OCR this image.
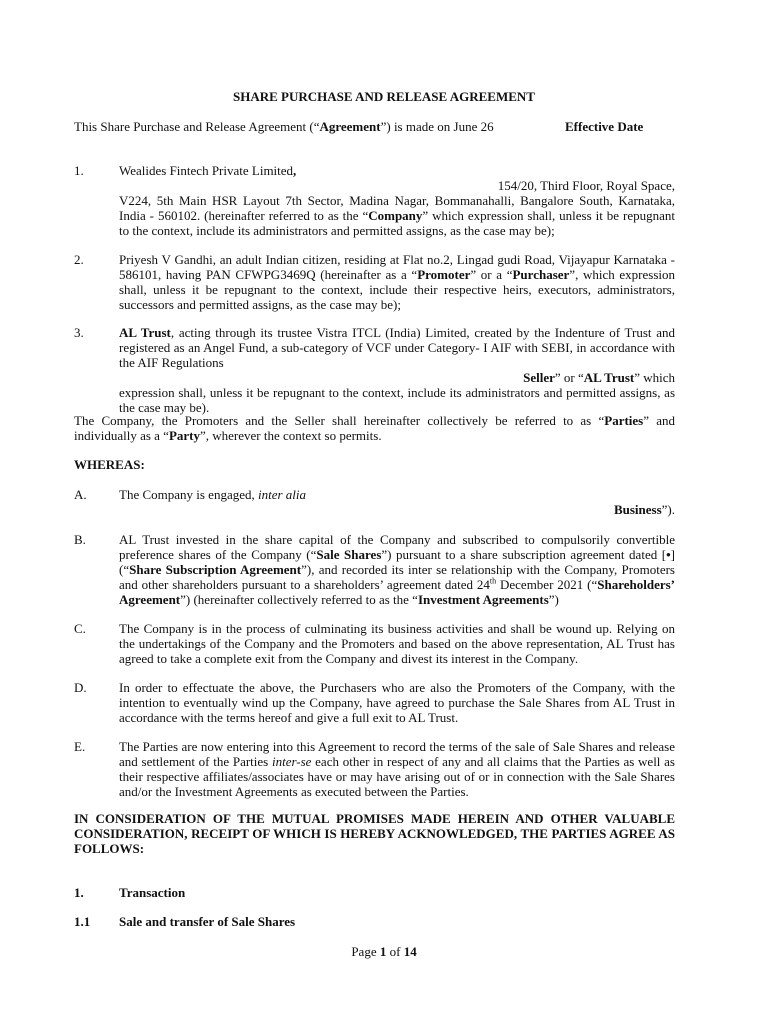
SHARE PURCHASE AND RELEASE AGREEMENT
This Share Purchase and Release Agreement (“Agreement”) is made on June 26	Effective Date
1.	Wealides Fintech Private Limited,
154/20, Third Floor, Royal Space,
V224, 5th Main HSR Layout 7th Sector, Madina Nagar, Bommanahalli, Bangalore South, Karnataka, India - 560102. (hereinafter referred to as the “Company” which expression shall, unless it be repugnant to the context, include its administrators and permitted assigns, as the case may be);
2.	Priyesh V Gandhi, an adult Indian citizen, residing at Flat no.2, Lingad gudi Road, Vijayapur Karnataka - 586101, having PAN CFWPG3469Q (hereinafter as a “Promoter” or a “Purchaser”, which expression shall, unless it be repugnant to the context, include their respective heirs, executors, administrators, successors and permitted assigns, as the case may be);
3.	AL Trust, acting through its trustee Vistra ITCL (India) Limited, created by the Indenture of Trust and registered as an Angel Fund, a sub-category of VCF under Category- I AIF with SEBI, in accordance with the AIF Regulations
Seller” or “AL Trust” which
expression shall, unless it be repugnant to the context, include its administrators and permitted assigns, as the case may be).
The Company, the Promoters and the Seller shall hereinafter collectively be referred to as “Parties” and individually as a “Party”, wherever the context so permits.
WHEREAS:
A.	The Company is engaged, inter alia
Business”).
B.	AL Trust invested in the share capital of the Company and subscribed to compulsorily convertible preference shares of the Company (“Sale Shares”) pursuant to a share subscription agreement dated [•] (“Share Subscription Agreement”), and recorded its inter se relationship with the Company, Promoters and other shareholders pursuant to a shareholders’ agreement dated 24th December 2021 (“Shareholders’ Agreement”) (hereinafter collectively referred to as the “Investment Agreements”)
C.	The Company is in the process of culminating its business activities and shall be wound up. Relying on the undertakings of the Company and the Promoters and based on the above representation, AL Trust has agreed to take a complete exit from the Company and divest its interest in the Company.
D.	In order to effectuate the above, the Purchasers who are also the Promoters of the Company, with the intention to eventually wind up the Company, have agreed to purchase the Sale Shares from AL Trust in accordance with the terms hereof and give a full exit to AL Trust.
E.	The Parties are now entering into this Agreement to record the terms of the sale of Sale Shares and release and settlement of the Parties inter-se each other in respect of any and all claims that the Parties as well as their respective affiliates/associates have or may have arising out of or in connection with the Sale Shares and/or the Investment Agreements as executed between the Parties.
IN CONSIDERATION OF THE MUTUAL PROMISES MADE HEREIN AND OTHER VALUABLE CONSIDERATION, RECEIPT OF WHICH IS HEREBY ACKNOWLEDGED, THE PARTIES AGREE AS FOLLOWS:
1.	Transaction
1.1	Sale and transfer of Sale Shares
Page 1 of 14
